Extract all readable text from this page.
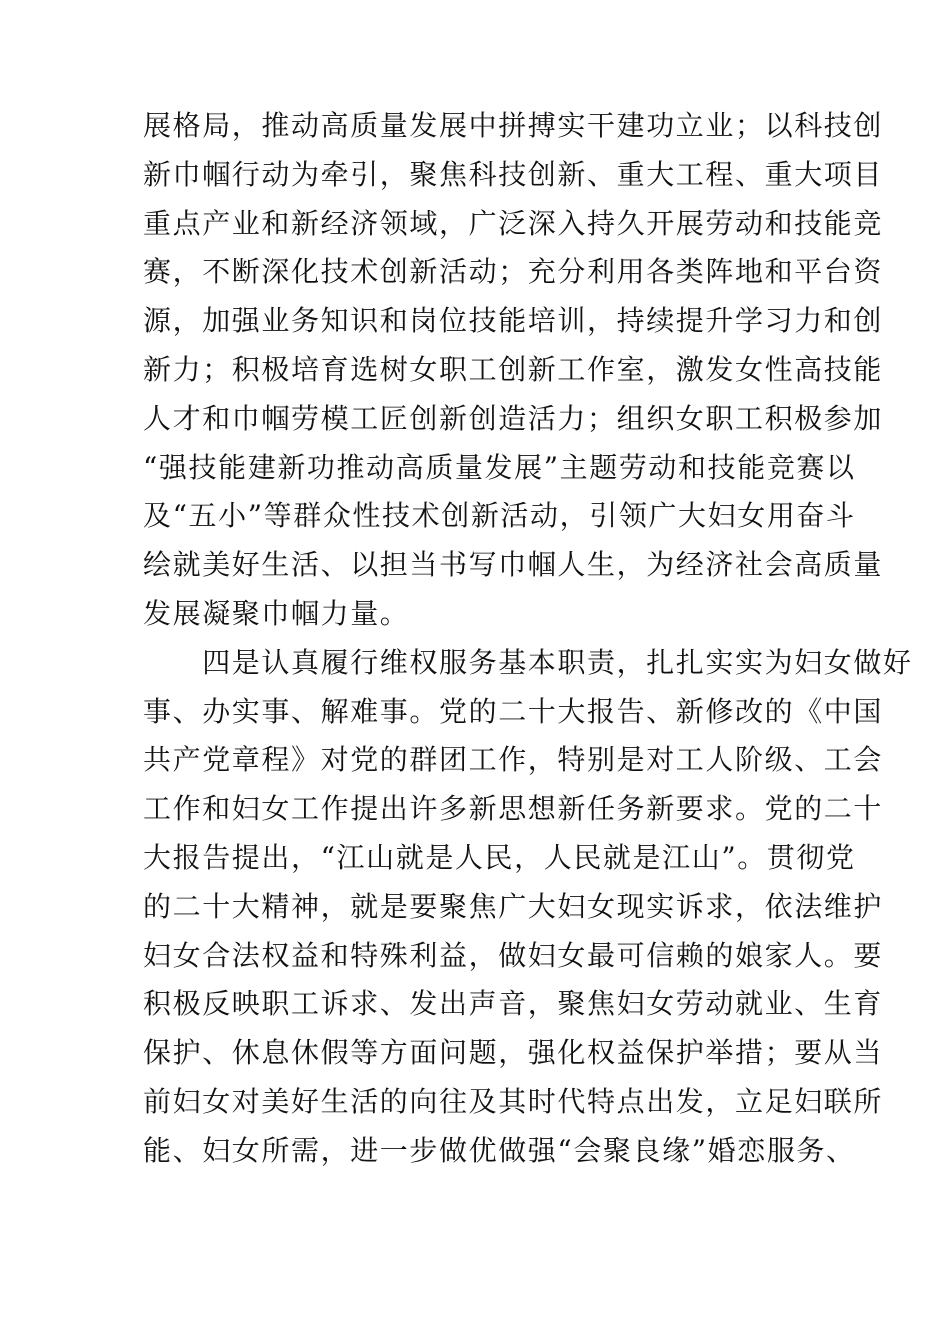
展格局，推动高质量发展中拼搏实干建功立业；以科技创
新巾帼行动为牵引，聚焦科技创新、重大工程、重大项目
重点产业和新经济领域，广泛深入持久开展劳动和技能竞
赛，不断深化技术创新活动；充分利用各类阵地和平台资
源，加强业务知识和岗位技能培训，持续提升学习力和创
新力；积极培育选树女职工创新工作室，激发女性高技能
人才和巾帼劳模工匠创新创造活力；组织女职工积极参加
“强技能建新功推动高质量发展”主题劳动和技能竞赛以
及“五小”等群众性技术创新活动，引领广大妇女用奋斗
绘就美好生活、以担当书写巾帼人生，为经济社会高质量
发展凝聚巾帼力量。
　　四是认真履行维权服务基本职责，扎扎实实为妇女做好
事、办实事、解难事。党的二十大报告、新修改的《中国
共产党章程》对党的群团工作，特别是对工人阶级、工会
工作和妇女工作提出许多新思想新任务新要求。党的二十
大报告提出，“江山就是人民，人民就是江山”。贯彻党
的二十大精神，就是要聚焦广大妇女现实诉求，依法维护
妇女合法权益和特殊利益，做妇女最可信赖的娘家人。要
积极反映职工诉求、发出声音，聚焦妇女劳动就业、生育
保护、休息休假等方面问题，强化权益保护举措；要从当
前妇女对美好生活的向往及其时代特点出发，立足妇联所
能、妇女所需，进一步做优做强“会聚良缘”婚恋服务、
